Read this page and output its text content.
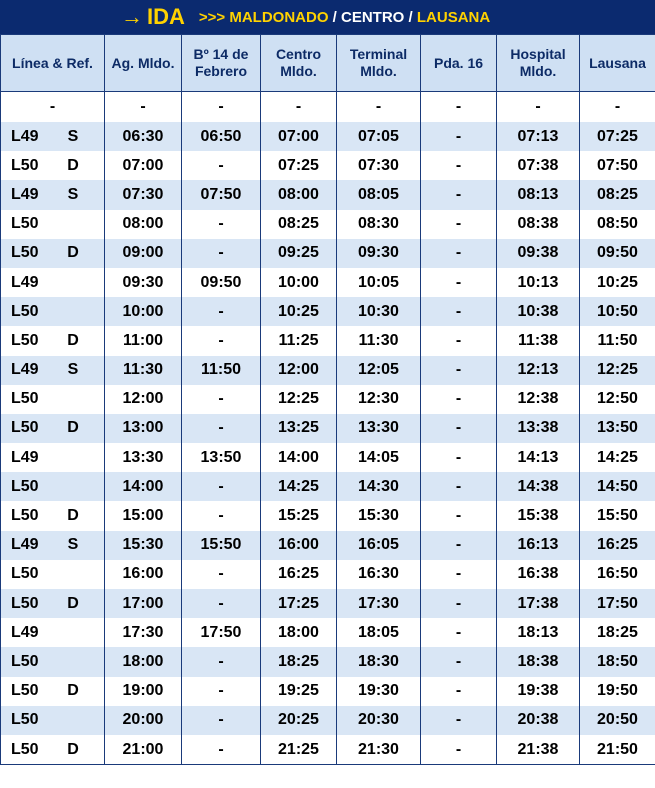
→ IDA >>> MALDONADO / CENTRO / LAUSANA
Línea & Ref.	Ag. Mldo.	Bº 14 de Febrero	Centro Mldo.	Terminal Mldo.	Pda. 16	Hospital Mldo.	Lausana
-	-	-	-	-	-	-	-
L49 S	06:30	06:50	07:00	07:05	-	07:13	07:25
L50 D	07:00	-	07:25	07:30	-	07:38	07:50
L49 S	07:30	07:50	08:00	08:05	-	08:13	08:25
L50	08:00	-	08:25	08:30	-	08:38	08:50
L50 D	09:00	-	09:25	09:30	-	09:38	09:50
L49	09:30	09:50	10:00	10:05	-	10:13	10:25
L50	10:00	-	10:25	10:30	-	10:38	10:50
L50 D	11:00	-	11:25	11:30	-	11:38	11:50
L49 S	11:30	11:50	12:00	12:05	-	12:13	12:25
L50	12:00	-	12:25	12:30	-	12:38	12:50
L50 D	13:00	-	13:25	13:30	-	13:38	13:50
L49	13:30	13:50	14:00	14:05	-	14:13	14:25
L50	14:00	-	14:25	14:30	-	14:38	14:50
L50 D	15:00	-	15:25	15:30	-	15:38	15:50
L49 S	15:30	15:50	16:00	16:05	-	16:13	16:25
L50	16:00	-	16:25	16:30	-	16:38	16:50
L50 D	17:00	-	17:25	17:30	-	17:38	17:50
L49	17:30	17:50	18:00	18:05	-	18:13	18:25
L50	18:00	-	18:25	18:30	-	18:38	18:50
L50 D	19:00	-	19:25	19:30	-	19:38	19:50
L50	20:00	-	20:25	20:30	-	20:38	20:50
L50 D	21:00	-	21:25	21:30	-	21:38	21:50
